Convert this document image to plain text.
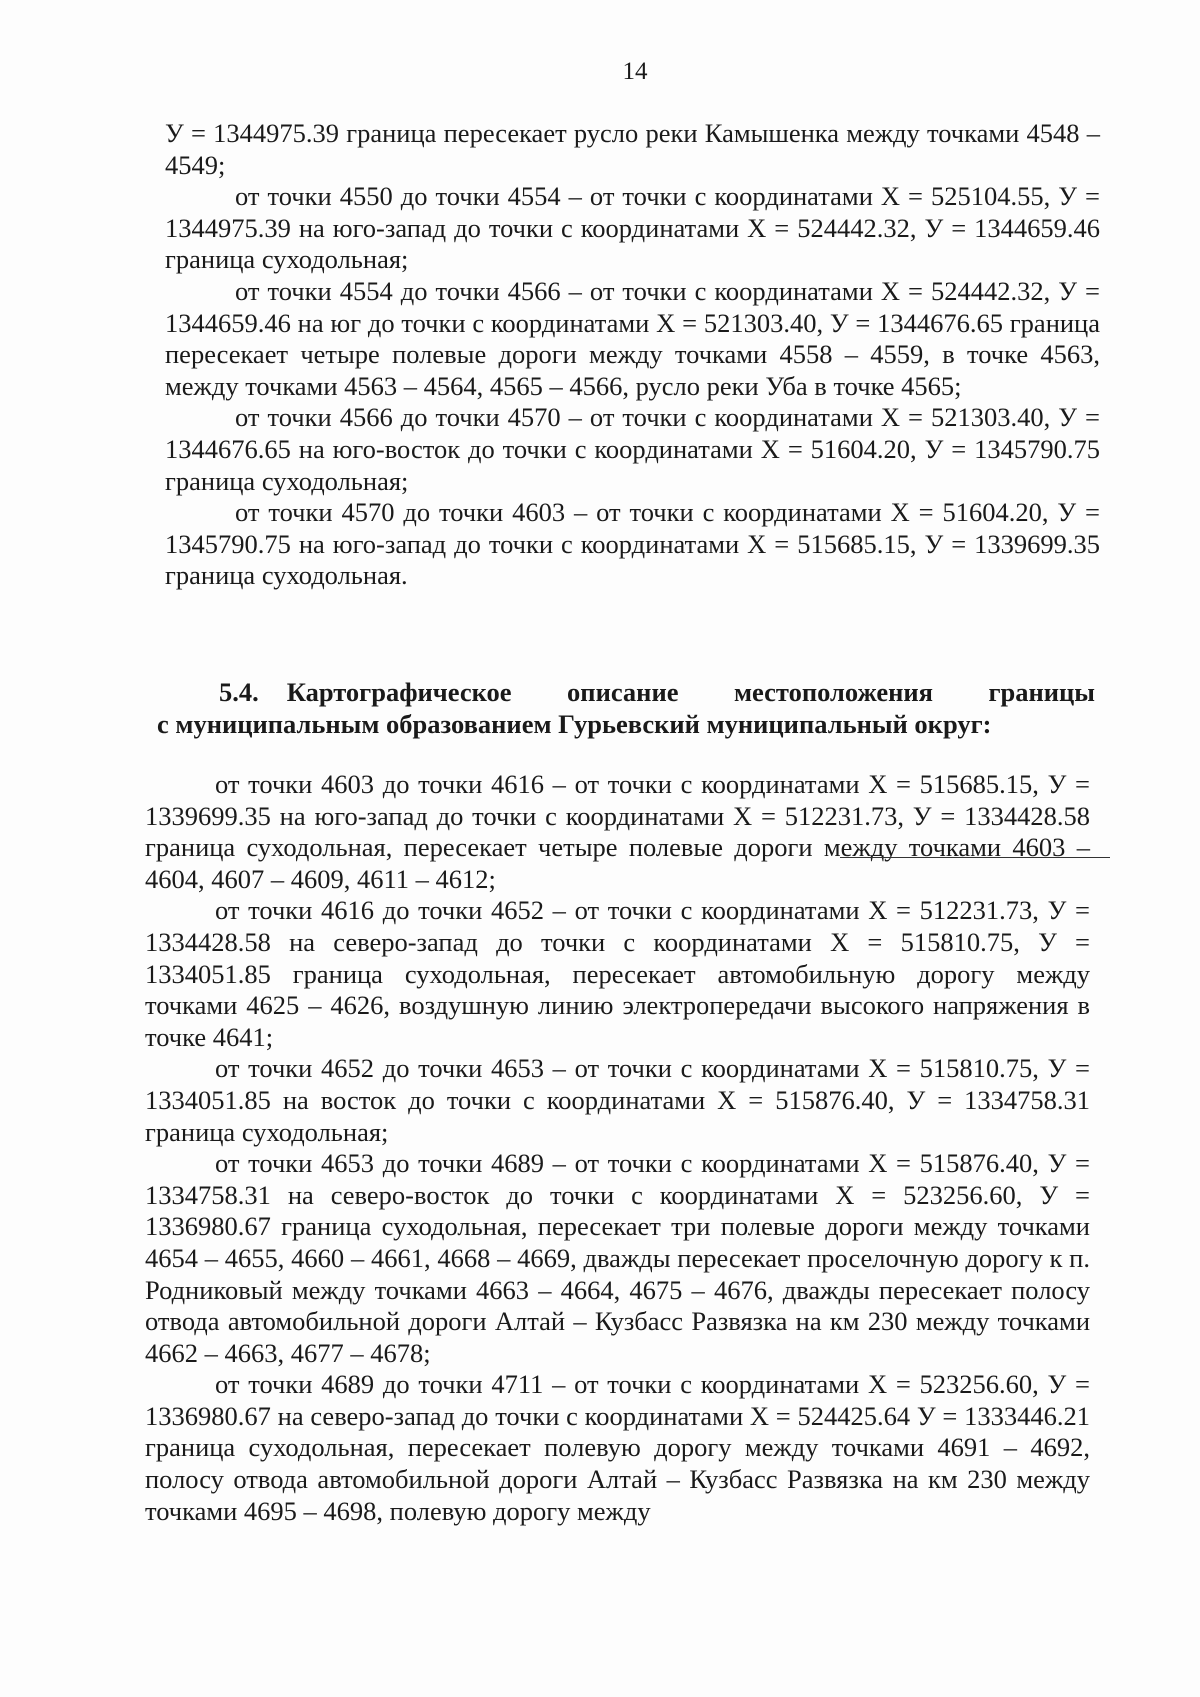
14

У = 1344975.39 граница пересекает русло реки Камышенка между точками 4548 – 4549;

от точки 4550 до точки 4554 – от точки с координатами Х = 525104.55, У = 1344975.39 на юго-запад до точки с координатами Х = 524442.32, У = 1344659.46 граница суходольная;

от точки 4554 до точки 4566 – от точки с координатами Х = 524442.32, У = 1344659.46 на юг до точки с координатами Х = 521303.40, У = 1344676.65 граница пересекает четыре полевые дороги между точками 4558 – 4559, в точке 4563, между точками 4563 – 4564, 4565 – 4566, русло реки Уба в точке 4565;

от точки 4566 до точки 4570 – от точки с координатами Х = 521303.40, У = 1344676.65 на юго-восток до точки с координатами Х = 51604.20, У = 1345790.75 граница суходольная;

от точки 4570 до точки 4603 – от точки с координатами Х = 51604.20, У = 1345790.75 на юго-запад до точки с координатами Х = 515685.15, У = 1339699.35 граница суходольная.

5.4. Картографическое описание местоположения границы
с муниципальным образованием Гурьевский муниципальный округ:

от точки 4603 до точки 4616 – от точки с координатами Х = 515685.15, У = 1339699.35 на юго-запад до точки с координатами Х = 512231.73, У = 1334428.58 граница суходольная, пересекает четыре полевые дороги между точками 4603 – 4604, 4607 – 4609, 4611 – 4612;

от точки 4616 до точки 4652 – от точки с координатами Х = 512231.73, У = 1334428.58 на северо-запад до точки с координатами Х = 515810.75, У = 1334051.85 граница суходольная, пересекает автомобильную дорогу между точками 4625 – 4626, воздушную линию электропередачи высокого напряжения в точке 4641;

от точки 4652 до точки 4653 – от точки с координатами Х = 515810.75, У = 1334051.85 на восток до точки с координатами Х = 515876.40, У = 1334758.31 граница суходольная;

от точки 4653 до точки 4689 – от точки с координатами Х = 515876.40, У = 1334758.31 на северо-восток до точки с координатами Х = 523256.60, У = 1336980.67 граница суходольная, пересекает три полевые дороги между точками 4654 – 4655, 4660 – 4661, 4668 – 4669, дважды пересекает проселочную дорогу к п. Родниковый между точками 4663 – 4664, 4675 – 4676, дважды пересекает полосу отвода автомобильной дороги Алтай – Кузбасс Развязка на км 230 между точками 4662 – 4663, 4677 – 4678;

от точки 4689 до точки 4711 – от точки с координатами Х = 523256.60, У = 1336980.67 на северо-запад до точки с координатами Х = 524425.64 У = 1333446.21 граница суходольная, пересекает полевую дорогу между точками 4691 – 4692, полосу отвода автомобильной дороги Алтай – Кузбасс Развязка на км 230 между точками 4695 – 4698, полевую дорогу между
